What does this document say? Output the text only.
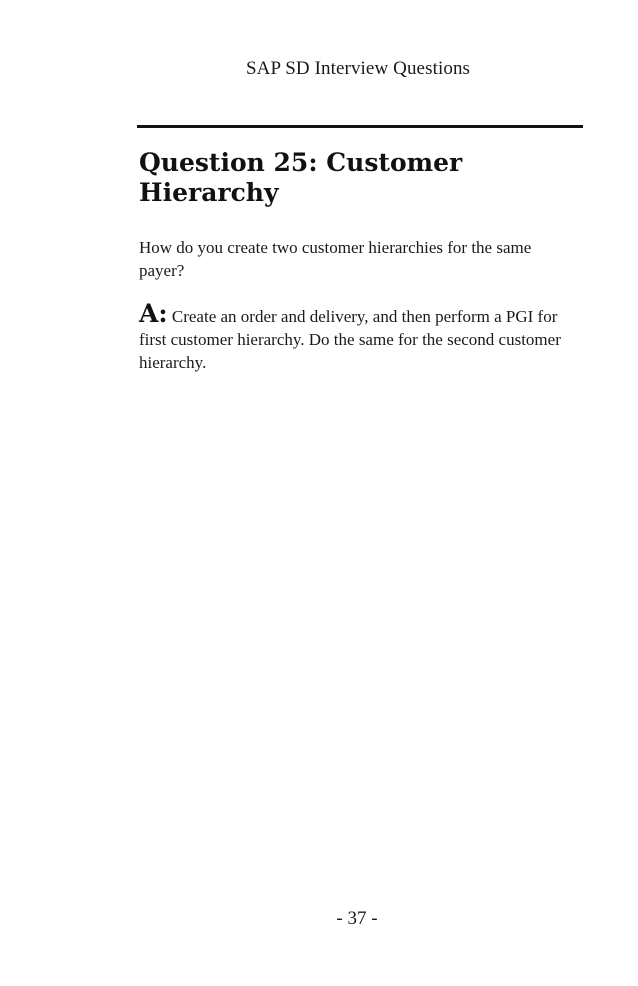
SAP SD Interview Questions
Question 25: Customer Hierarchy

How do you create two customer hierarchies for the same payer?

A: Create an order and delivery, and then perform a PGI for first customer hierarchy. Do the same for the second customer hierarchy.

- 37 -
